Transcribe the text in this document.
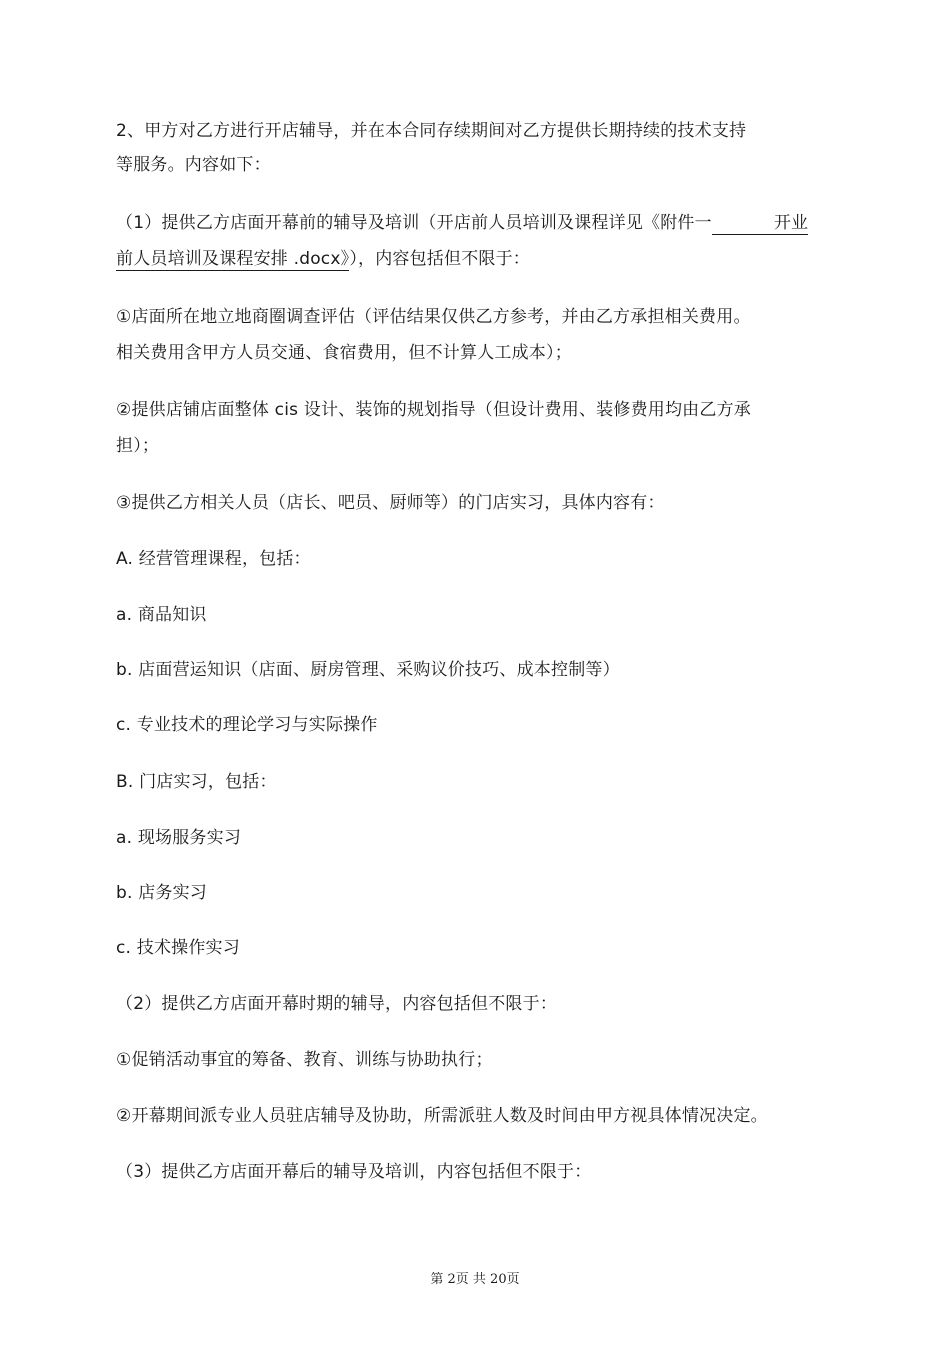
2、甲方对乙方进行开店辅导，并在本合同存续期间对乙方提供长期持续的技术支持
等服务。内容如下：
（1）提供乙方店面开幕前的辅导及培训（开店前人员培训及课程详见《附件一	开业
前人员培训及课程安排 .docx》），内容包括但不限于：
①店面所在地立地商圈调查评估（评估结果仅供乙方参考，并由乙方承担相关费用。
相关费用含甲方人员交通、食宿费用，但不计算人工成本）；
②提供店铺店面整体 cis 设计、装饰的规划指导（但设计费用、装修费用均由乙方承
担）；
③提供乙方相关人员（店长、吧员、厨师等）的门店实习，具体内容有：
A. 经营管理课程，包括：
a. 商品知识
b. 店面营运知识（店面、厨房管理、采购议价技巧、成本控制等）
c. 专业技术的理论学习与实际操作
B. 门店实习，包括：
a. 现场服务实习
b. 店务实习
c. 技术操作实习
（2）提供乙方店面开幕时期的辅导，内容包括但不限于：
①促销活动事宜的筹备、教育、训练与协助执行；
②开幕期间派专业人员驻店辅导及协助，所需派驻人数及时间由甲方视具体情况决定。
（3）提供乙方店面开幕后的辅导及培训，内容包括但不限于：
第 2页 共 20页
